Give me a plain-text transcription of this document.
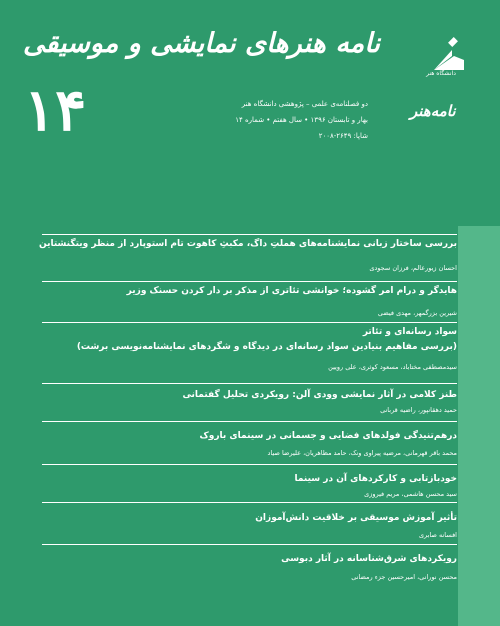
دانشگاه هنر
نامه‌هنر
نامه هنرهای نمایشی و موسیقی
۱۴	دو فصلنامه‌ی علمی – پژوهشی دانشگاه هنر
بهار و تابستان ۱۳۹۶ • سال هفتم • شماره ۱۴
شاپا: ۲۶۴۹-۲۰۰۸
بررسی ساختار زبانی نمایشنامه‌های هملتِ داگ، مکبثِ کاهوت تام استوپارد از منظر ویتگنشتاین
احسان زیورعالم، فرزان سجودی
هایدگر و درام امر گشوده؛ خوانشی تئاتری از مذکر بر دار کردن حسنک وزیر
شیرین بزرگمهر، مهدی فیضی
سواد رسانه‌ای و تئاتر
(بررسی مفاهیم بنیادین سواد رسانه‌ای در دیدگاه و شگردهای نمایشنامه‌نویسی برشت)
سیدمصطفی مختاباد، مسعود کوثری، علی رویین
طنز کلامی در آثار نمایشی وودی آلن: رویکردی تحلیل گفتمانی
حمید دهقانپور، راضیه قربانی
درهم‌تنیدگی فولدهای فضایی و جسمانی در سینمای باروک
محمد باقر قهرمانی، مرضیه پیراوی ونک، حامد مظاهریان، علیرضا صیاد
خودبازتابی و کارکردهای آن در سینما
سید محسن هاشمی، مریم فیروزی
تأثیر آموزش موسیقی بر خلاقیت دانش‌آموزان
افسانه صابری
رویکردهای شرق‌شناسانه در آثار دبوسی
محسن نورانی، امیرحسین جزء رمضانی
